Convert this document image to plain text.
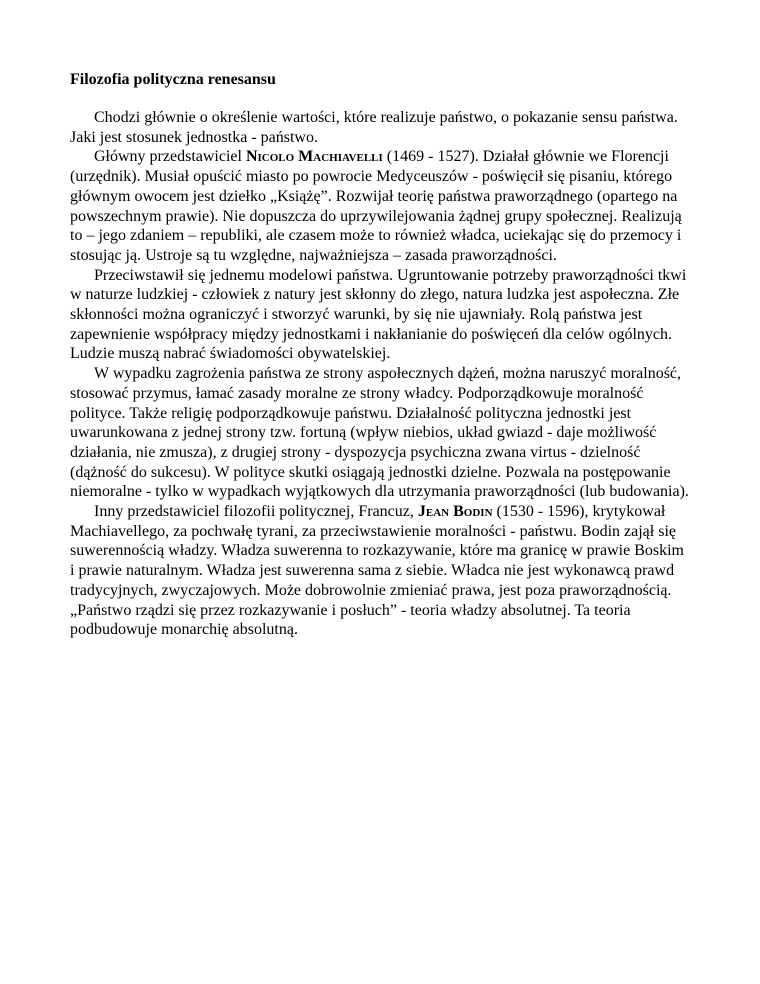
Filozofia polityczna renesansu

Chodzi głównie o określenie wartości, które realizuje państwo, o pokazanie sensu państwa. Jaki jest stosunek jednostka - państwo.

Główny przedstawiciel Nicolo Machiavelli (1469 - 1527). Działał głównie we Florencji (urzędnik). Musiał opuścić miasto po powrocie Medyceuszów - poświęcił się pisaniu, którego głównym owocem jest dziełko „Książę”. Rozwijał teorię państwa praworządnego (opartego na powszechnym prawie). Nie dopuszcza do uprzywilejowania żądnej grupy społecznej. Realizują to – jego zdaniem – republiki, ale czasem może to również władca, uciekając się do przemocy i stosując ją. Ustroje są tu względne, najważniejsza – zasada praworządności.

Przeciwstawił się jednemu modelowi państwa. Ugruntowanie potrzeby praworządności tkwi w naturze ludzkiej - człowiek z natury jest skłonny do złego, natura ludzka jest aspołeczna. Złe skłonności można ograniczyć i stworzyć warunki, by się nie ujawniały. Rolą państwa jest zapewnienie współpracy między jednostkami i nakłanianie do poświęceń dla celów ogólnych. Ludzie muszą nabrać świadomości obywatelskiej.

W wypadku zagrożenia państwa ze strony aspołecznych dążeń, można naruszyć moralność, stosować przymus, łamać zasady moralne ze strony władcy. Podporządkowuje moralność polityce. Także religię podporządkowuje państwu. Działalność polityczna jednostki jest uwarunkowana z jednej strony tzw. fortuną (wpływ niebios, układ gwiazd - daje możliwość działania, nie zmusza), z drugiej strony - dyspozycja psychiczna zwana virtus - dzielność (dążność do sukcesu). W polityce skutki osiągają jednostki dzielne. Pozwala na postępowanie niemoralne - tylko w wypadkach wyjątkowych dla utrzymania praworządności (lub budowania).

Inny przedstawiciel filozofii politycznej, Francuz, Jean Bodin (1530 - 1596), krytykował Machiavellego, za pochwałę tyrani, za przeciwstawienie moralności - państwu. Bodin zajął się suwerennością władzy. Władza suwerenna to rozkazywanie, które ma granicę w prawie Boskim i prawie naturalnym. Władza jest suwerenna sama z siebie. Władca nie jest wykonawcą prawd tradycyjnych, zwyczajowych. Może dobrowolnie zmieniać prawa, jest poza praworządnością. „Państwo rządzi się przez rozkazywanie i posłuch” - teoria władzy absolutnej. Ta teoria podbudowuje monarchię absolutną.
